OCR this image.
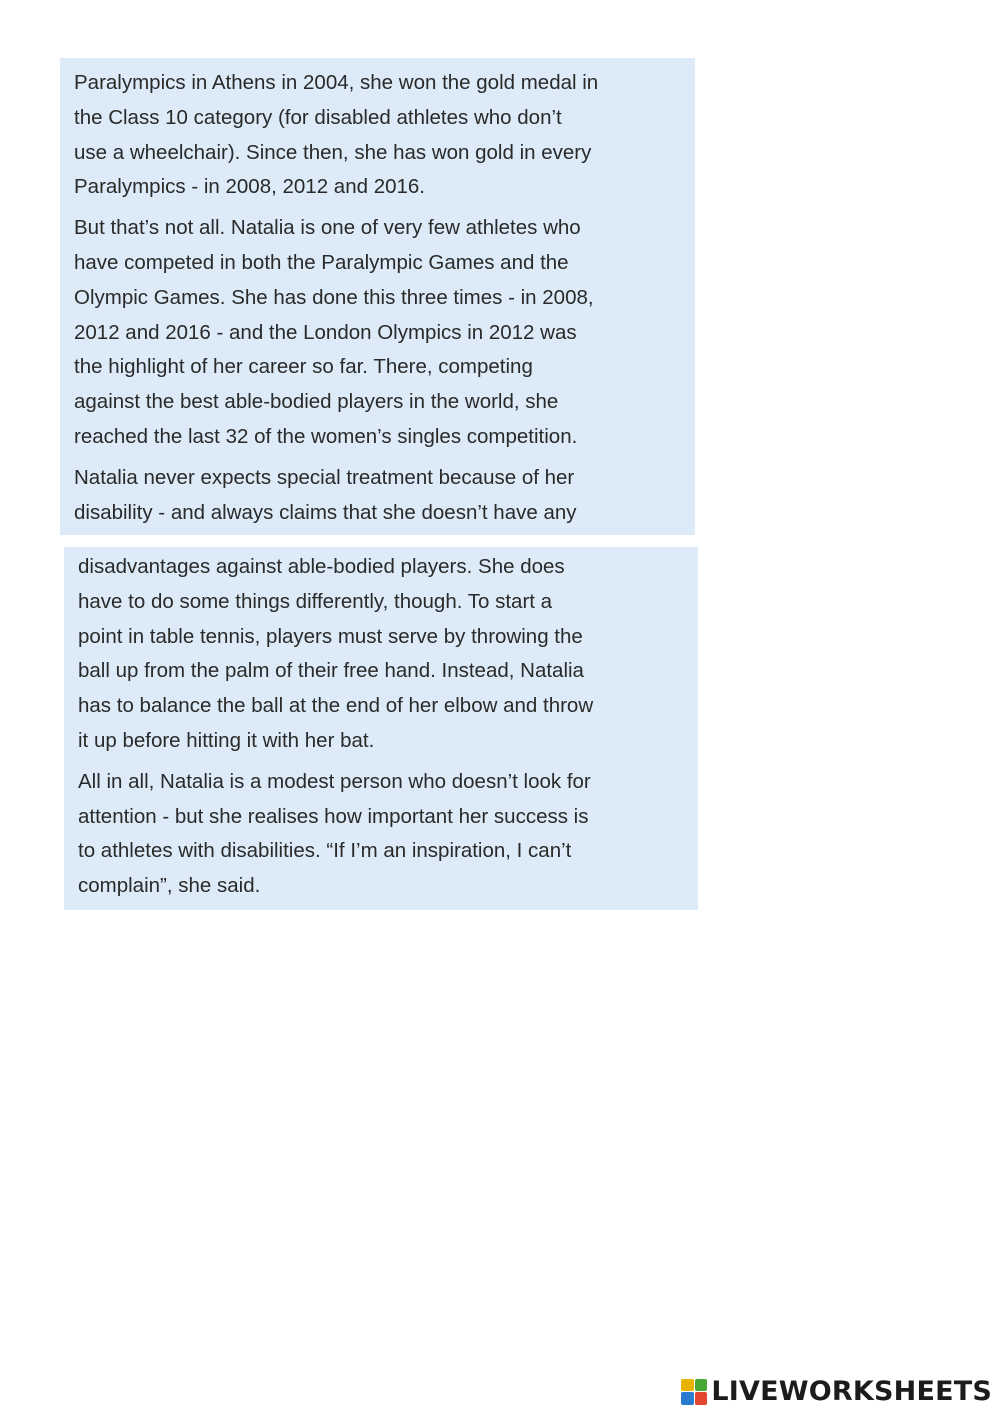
Paralympics in Athens in 2004, she won the gold medal in
the Class 10 category (for disabled athletes who don’t
use a wheelchair). Since then, she has won gold in every
Paralympics - in 2008, 2012 and 2016.

But that’s not all. Natalia is one of very few athletes who
have competed in both the Paralympic Games and the
Olympic Games. She has done this three times - in 2008,
2012 and 2016 - and the London Olympics in 2012 was
the highlight of her career so far. There, competing
against the best able-bodied players in the world, she
reached the last 32 of the women’s singles competition.

Natalia never expects special treatment because of her
disability - and always claims that she doesn’t have any

disadvantages against able-bodied players. She does
have to do some things differently, though. To start a
point in table tennis, players must serve by throwing the
ball up from the palm of their free hand. Instead, Natalia
has to balance the ball at the end of her elbow and throw
it up before hitting it with her bat.

All in all, Natalia is a modest person who doesn’t look for
attention - but she realises how important her success is
to athletes with disabilities. “If I’m an inspiration, I can’t
complain”, she said.

LIVEWORKSHEETS
